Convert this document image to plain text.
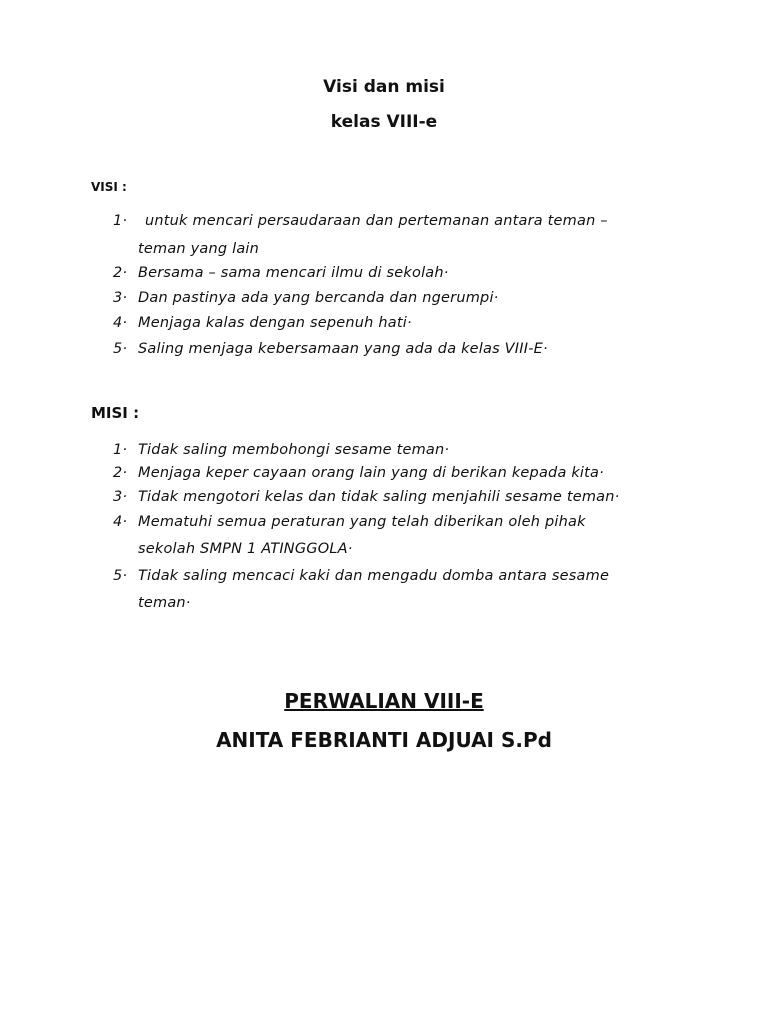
Visi dan misi
kelas VIII-e
VISI :
1· untuk mencari persaudaraan dan pertemanan antara teman –
teman yang lain
2· Bersama – sama mencari ilmu di sekolah·
3· Dan pastinya ada yang bercanda dan ngerumpi·
4· Menjaga kalas dengan sepenuh hati·
5· Saling menjaga kebersamaan yang ada da kelas VIII-E·
MISI :
1· Tidak saling membohongi sesame teman·
2· Menjaga keper cayaan orang lain yang di berikan kepada kita·
3· Tidak mengotori kelas dan tidak saling menjahili sesame teman·
4· Mematuhi semua peraturan yang telah diberikan oleh pihak
sekolah SMPN 1 ATINGGOLA·
5· Tidak saling mencaci kaki dan mengadu domba antara sesame
teman·
PERWALIAN VIII-E
ANITA FEBRIANTI ADJUAI S.Pd
